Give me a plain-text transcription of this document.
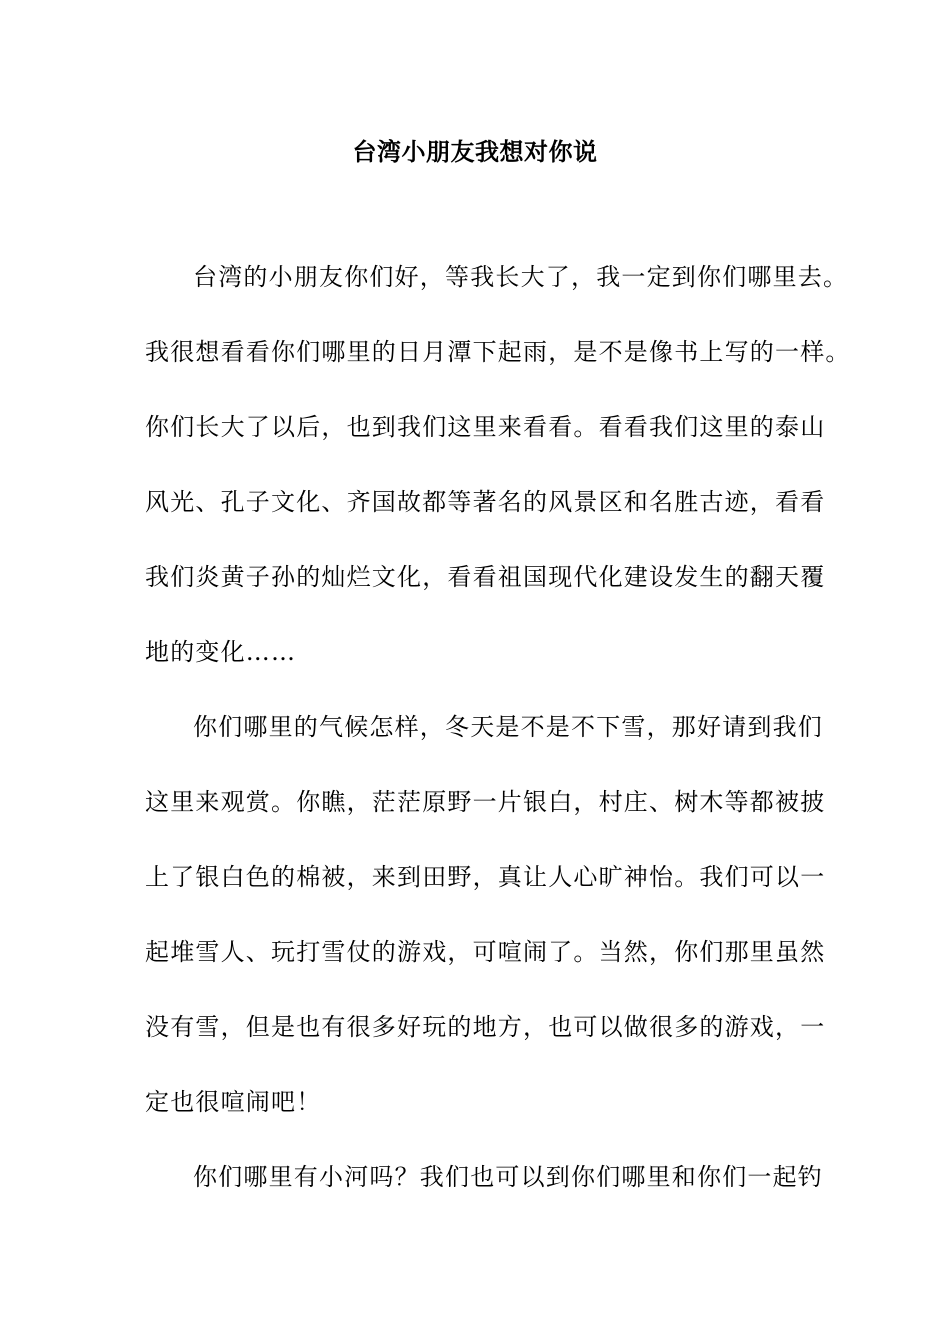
台湾小朋友我想对你说
台湾的小朋友你们好，等我长大了，我一定到你们哪里去。
我很想看看你们哪里的日月潭下起雨，是不是像书上写的一样。
你们长大了以后，也到我们这里来看看。看看我们这里的泰山
风光、孔子文化、齐国故都等著名的风景区和名胜古迹，看看
我们炎黄子孙的灿烂文化，看看祖国现代化建设发生的翻天覆
地的变化……
你们哪里的气候怎样，冬天是不是不下雪，那好请到我们
这里来观赏。你瞧，茫茫原野一片银白，村庄、树木等都被披
上了银白色的棉被，来到田野，真让人心旷神怡。我们可以一
起堆雪人、玩打雪仗的游戏，可喧闹了。当然，你们那里虽然
没有雪，但是也有很多好玩的地方，也可以做很多的游戏，一
定也很喧闹吧！
你们哪里有小河吗？我们也可以到你们哪里和你们一起钓
